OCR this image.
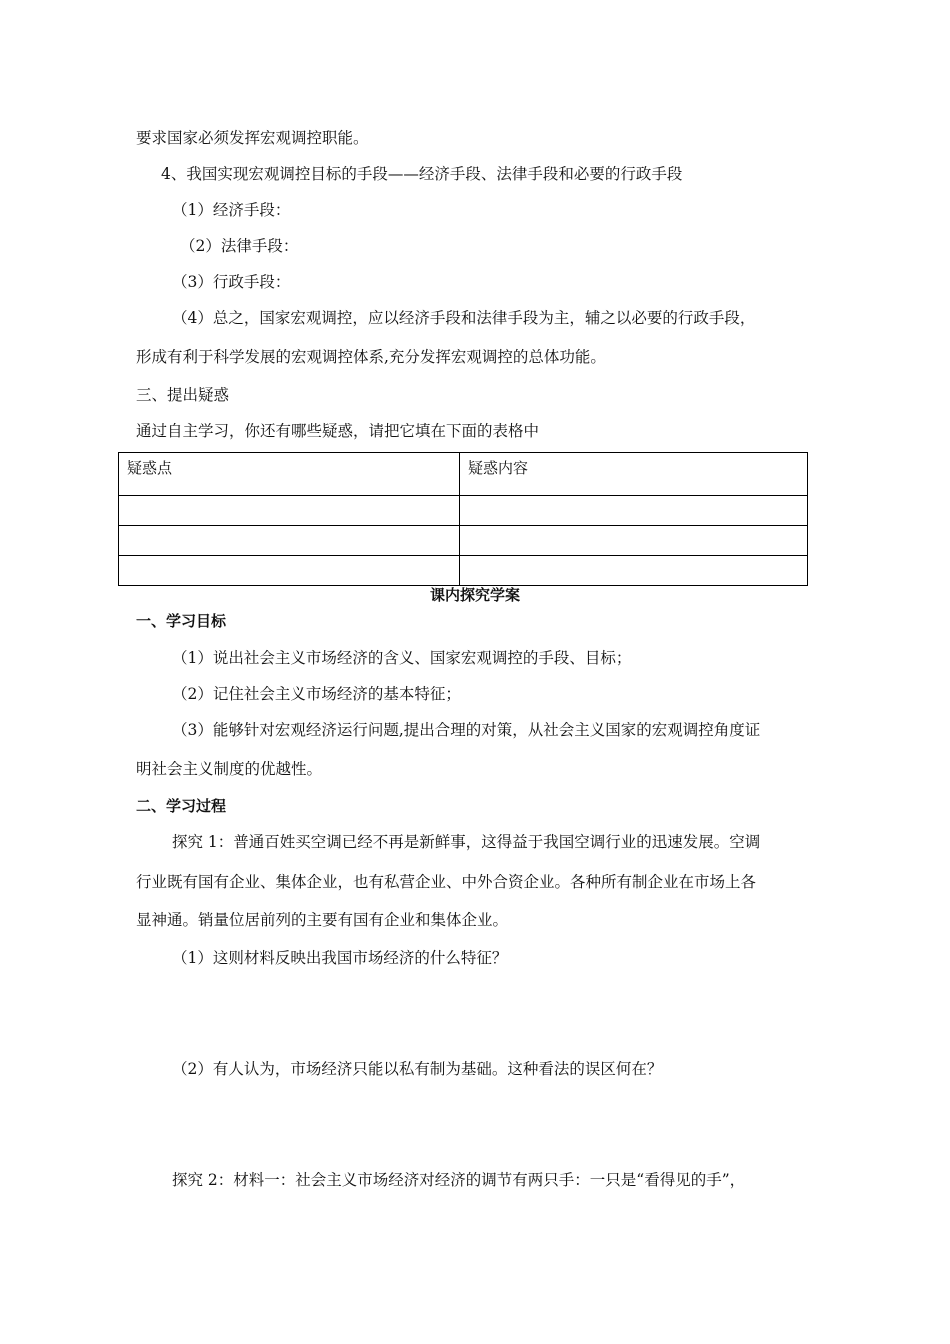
要求国家必须发挥宏观调控职能。
4、我国实现宏观调控目标的手段——经济手段、法律手段和必要的行政手段
（1）经济手段：
（2）法律手段：
（3）行政手段：
（4）总之，国家宏观调控，应以经济手段和法律手段为主，辅之以必要的行政手段，
形成有利于科学发展的宏观调控体系,充分发挥宏观调控的总体功能。
三、提出疑惑
通过自主学习，你还有哪些疑惑，请把它填在下面的表格中
疑惑点	疑惑内容

课内探究学案
一、学习目标
（1）说出社会主义市场经济的含义、国家宏观调控的手段、目标；
（2）记住社会主义市场经济的基本特征；
（3）能够针对宏观经济运行问题,提出合理的对策，从社会主义国家的宏观调控角度证
明社会主义制度的优越性。
二、学习过程
探究 1：普通百姓买空调已经不再是新鲜事，这得益于我国空调行业的迅速发展。空调
行业既有国有企业、集体企业，也有私营企业、中外合资企业。各种所有制企业在市场上各
显神通。销量位居前列的主要有国有企业和集体企业。
（1）这则材料反映出我国市场经济的什么特征？
（2）有人认为，市场经济只能以私有制为基础。这种看法的误区何在？
探究 2：材料一：社会主义市场经济对经济的调节有两只手：一只是“看得见的手”，
